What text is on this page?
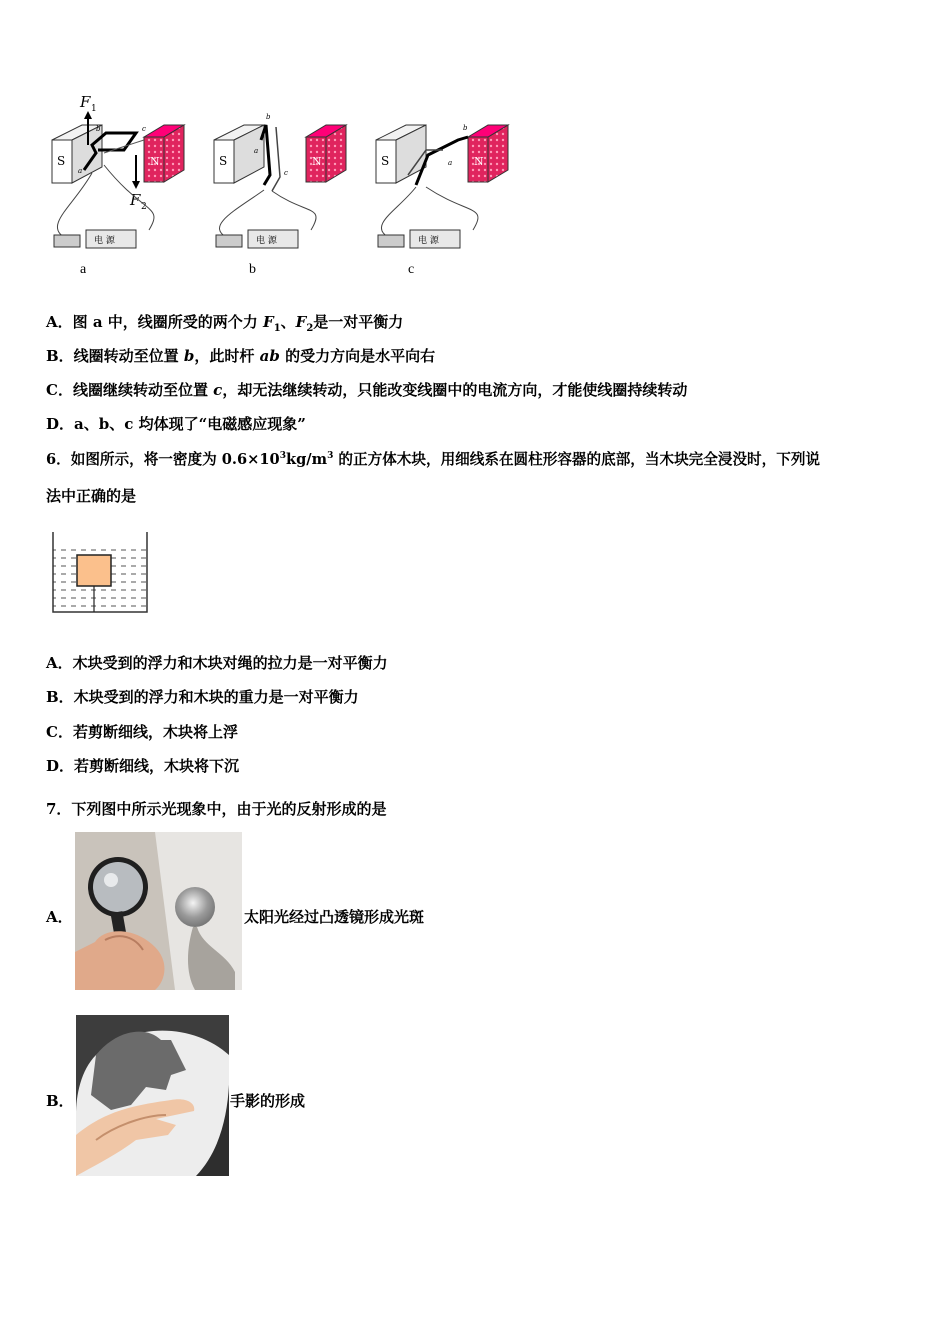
S	N
F 1
F 2
b	c
a
电 源
S	N
b
a
c
电 源
S	N
b
a
电 源
a	b	c
A．图 a 中，线圈所受的两个力 $F_1$、$F_2$是一对平衡力
B．线圈转动至位置 b，此时杆 ab 的受力方向是水平向右
C．线圈继续转动至位置 c，却无法继续转动，只能改变线圈中的电流方向，才能使线圈持续转动
D．a、b、c 均体现了“电磁感应现象”
6．如图所示，将一密度为 $0.6\times 10^3kg/m^3$ 的正方体木块，用细线系在圆柱形容器的底部，当木块完全浸没时，下列说
法中正确的是
A．木块受到的浮力和木块对绳的拉力是一对平衡力
B．木块受到的浮力和木块的重力是一对平衡力
C．若剪断细线，木块将上浮
D．若剪断细线，木块将下沉
7．下列图中所示光现象中，由于光的反射形成的是
A．	太阳光经过凸透镜形成光斑
B．	手影的形成
